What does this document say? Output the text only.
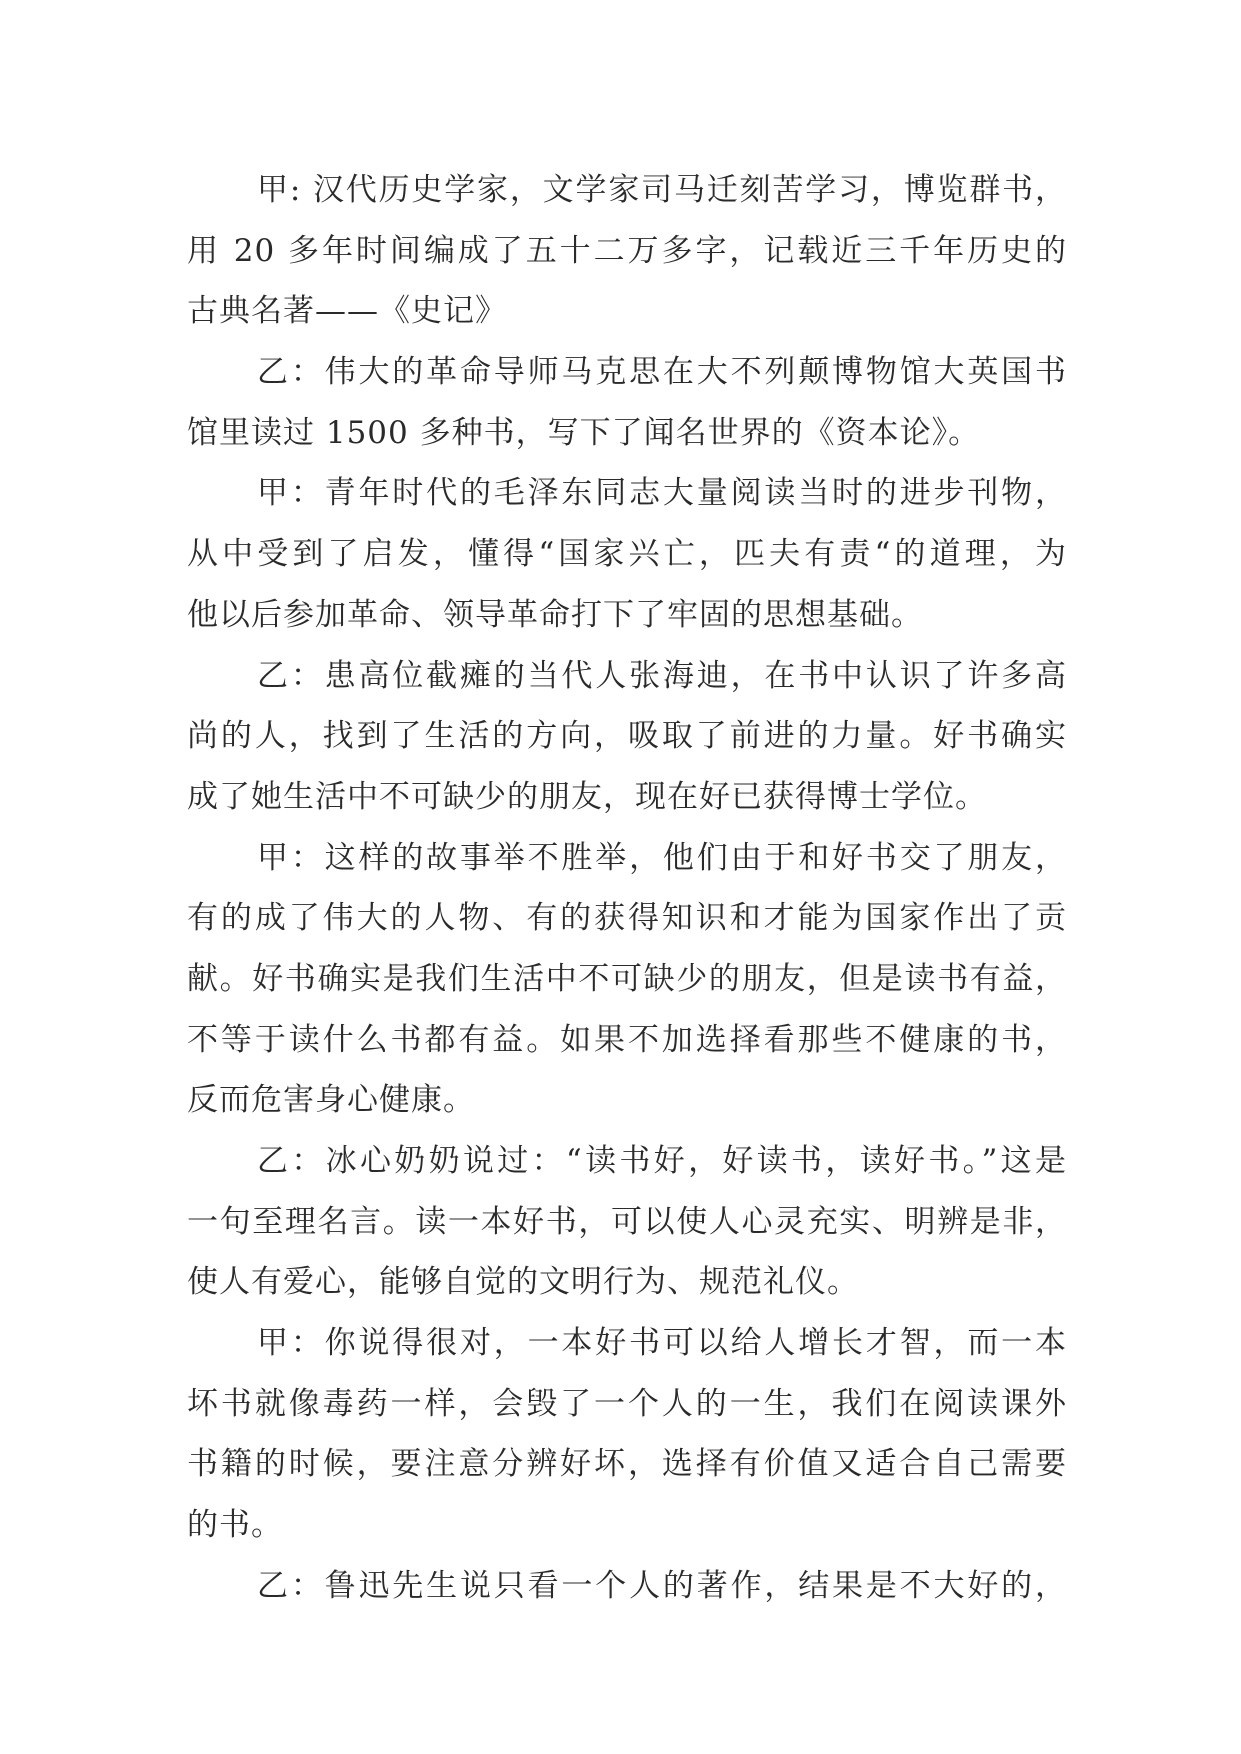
甲: 汉代历史学家，文学家司马迁刻苦学习，博览群书，
用 20 多年时间编成了五十二万多字，记载近三千年历史的
古典名著——《史记》
乙：伟大的革命导师马克思在大不列颠博物馆大英国书
馆里读过 1500 多种书，写下了闻名世界的《资本论》。
甲：青年时代的毛泽东同志大量阅读当时的进步刊物，
从中受到了启发，懂得“国家兴亡，匹夫有责“的道理，为
他以后参加革命、领导革命打下了牢固的思想基础。
乙：患高位截瘫的当代人张海迪，在书中认识了许多高
尚的人，找到了生活的方向，吸取了前进的力量。好书确实
成了她生活中不可缺少的朋友，现在好已获得博士学位。
甲：这样的故事举不胜举，他们由于和好书交了朋友，
有的成了伟大的人物、有的获得知识和才能为国家作出了贡
献。好书确实是我们生活中不可缺少的朋友，但是读书有益，
不等于读什么书都有益。如果不加选择看那些不健康的书，
反而危害身心健康。
乙：冰心奶奶说过：“读书好，好读书，读好书。”这是
一句至理名言。读一本好书，可以使人心灵充实、明辨是非，
使人有爱心，能够自觉的文明行为、规范礼仪。
甲：你说得很对，一本好书可以给人增长才智，而一本
坏书就像毒药一样，会毁了一个人的一生，我们在阅读课外
书籍的时候，要注意分辨好坏，选择有价值又适合自己需要
的书。
乙：鲁迅先生说只看一个人的著作，结果是不大好的，
